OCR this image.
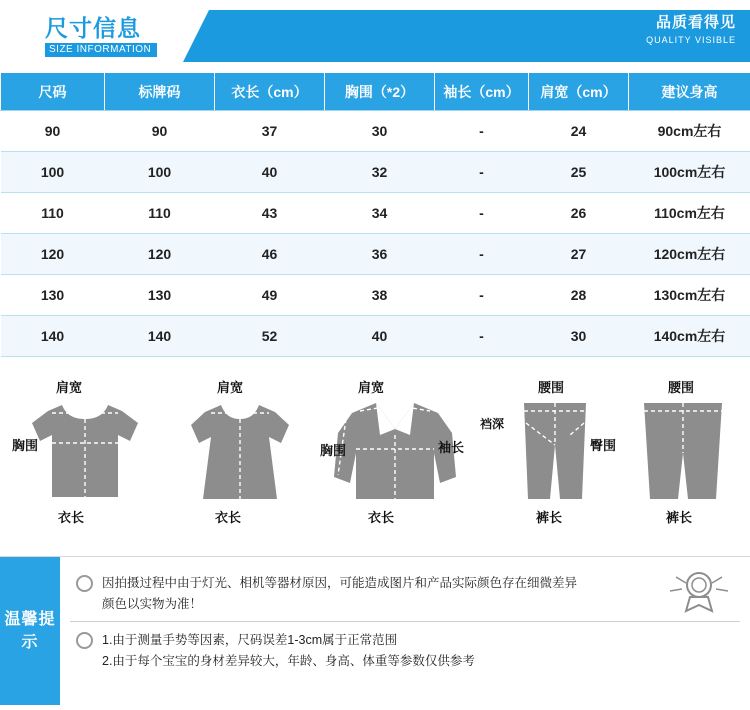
尺寸信息
SIZE INFORMATION
品质看得见
QUALITY VISIBLE
尺码	标牌码	衣长（cm）	胸围（*2）	袖长（cm）	肩宽（cm）	建议身高
90	90	37	30	-	24	90cm左右
100	100	40	32	-	25	100cm左右
110	110	43	34	-	26	110cm左右
120	120	46	36	-	27	120cm左右
130	130	49	38	-	28	130cm左右
140	140	52	40	-	30	140cm左右
肩宽
胸围
衣长
肩宽
衣长
肩宽
胸围	袖长
衣长
腰围
裆深
臀围
裤长
腰围
裤长
温馨提示
因拍摄过程中由于灯光、相机等器材原因，可能造成图片和产品实际颜色存在细微差异
颜色以实物为准！
1.由于测量手势等因素，尺码误差1-3cm属于正常范围
2.由于每个宝宝的身材差异较大，年龄、身高、体重等参数仅供参考
